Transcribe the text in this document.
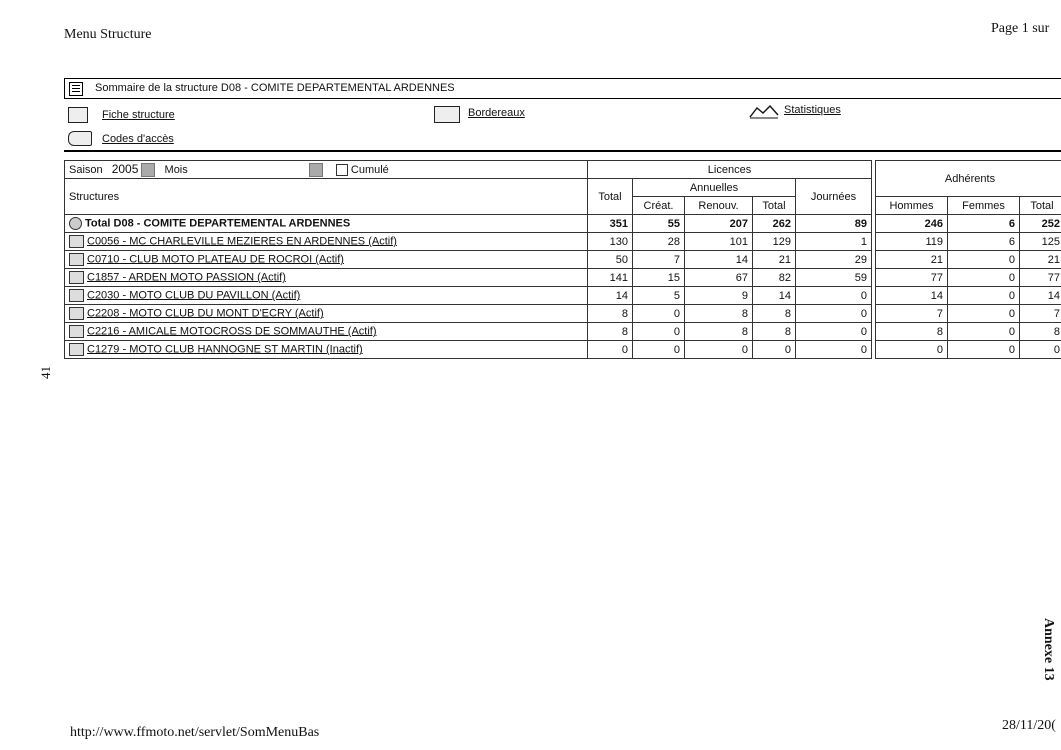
Menu Structure	Page 1 sur
Sommaire de la structure D08 - COMITE DEPARTEMENTAL ARDENNES
Fiche structure	Bordereaux	Statistiques
Codes d'accès
Saison 2005 Mois Cumulé	Licences						Adhérents		
Structures	Total	Annuelles			Journées				
		Créat.	Renouv.	Total			Hommes	Femmes	Total
Total D08 - COMITE DEPARTEMENTAL ARDENNES	351	55	207	262	89		246	6	252
C0056 - MC CHARLEVILLE MEZIERES EN ARDENNES (Actif)	130	28	101	129	1		119	6	125
C0710 - CLUB MOTO PLATEAU DE ROCROI (Actif)	50	7	14	21	29		21	0	21
C1857 - ARDEN MOTO PASSION (Actif)	141	15	67	82	59		77	0	77
C2030 - MOTO CLUB DU PAVILLON (Actif)	14	5	9	14	0		14	0	14
C2208 - MOTO CLUB DU MONT D'ECRY (Actif)	8	0	8	8	0		7	0	7
C2216 - AMICALE MOTOCROSS DE SOMMAUTHE (Actif)	8	0	8	8	0		8	0	8
C1279 - MOTO CLUB HANNOGNE ST MARTIN (Inactif)	0	0	0	0	0		0	0	0
41
Annexe 13
http://www.ffmoto.net/servlet/SomMenuBas	28/11/20(
